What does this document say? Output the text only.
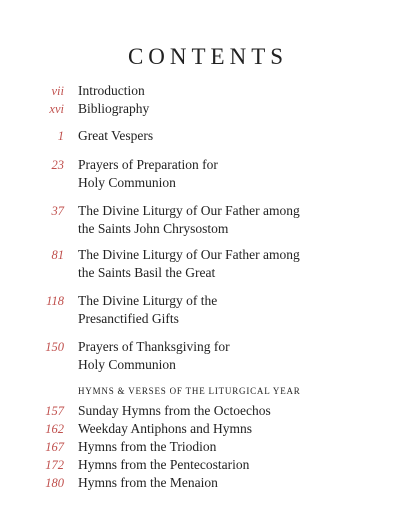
CONTENTS
vii Introduction
xvi Bibliography
1 Great Vespers
23 Prayers of Preparation for
Holy Communion
37 The Divine Liturgy of Our Father among
the Saints John Chrysostom
81 The Divine Liturgy of Our Father among
the Saints Basil the Great
118 The Divine Liturgy of the
Presanctified Gifts
150 Prayers of Thanksgiving for
Holy Communion
HYMNS & VERSES OF THE LITURGICAL YEAR
157 Sunday Hymns from the Octoechos
162 Weekday Antiphons and Hymns
167 Hymns from the Triodion
172 Hymns from the Pentecostarion
180 Hymns from the Menaion
